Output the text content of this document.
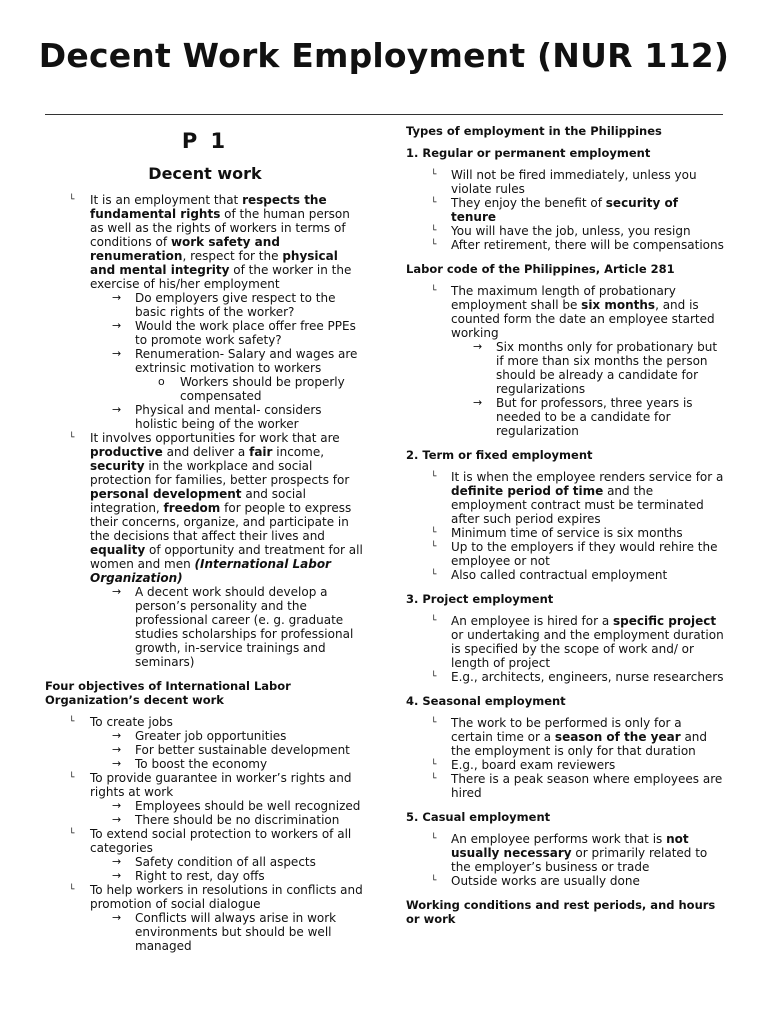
Decent Work Employment (NUR 112)
P 1
Decent work
└ It is an employment that respects the fundamental rights of the human person as well as the rights of workers in terms of conditions of work safety and renumeration, respect for the physical and mental integrity of the worker in the exercise of his/her employment
→ Do employers give respect to the basic rights of the worker?
→ Would the work place offer free PPEs to promote work safety?
→ Renumeration- Salary and wages are extrinsic motivation to workers
o Workers should be properly compensated
→ Physical and mental- considers holistic being of the worker
└ It involves opportunities for work that are productive and deliver a fair income, security in the workplace and social protection for families, better prospects for personal development and social integration, freedom for people to express their concerns, organize, and participate in the decisions that affect their lives and equality of opportunity and treatment for all women and men (International Labor Organization)
→ A decent work should develop a person’s personality and the professional career (e. g. graduate studies scholarships for professional growth, in-service trainings and seminars)
Four objectives of International Labor Organization’s decent work
└ To create jobs
→ Greater job opportunities
→ For better sustainable development
→ To boost the economy
└ To provide guarantee in worker’s rights and rights at work
→ Employees should be well recognized
→ There should be no discrimination
└ To extend social protection to workers of all categories
→ Safety condition of all aspects
→ Right to rest, day offs
└ To help workers in resolutions in conflicts and promotion of social dialogue
→ Conflicts will always arise in work environments but should be well managed
Types of employment in the Philippines
1. Regular or permanent employment
└ Will not be fired immediately, unless you violate rules
└ They enjoy the benefit of security of tenure
└ You will have the job, unless, you resign
└ After retirement, there will be compensations
Labor code of the Philippines, Article 281
└ The maximum length of probationary employment shall be six months, and is counted form the date an employee started working
→ Six months only for probationary but if more than six months the person should be already a candidate for regularizations
→ But for professors, three years is needed to be a candidate for regularization
2. Term or fixed employment
└ It is when the employee renders service for a definite period of time and the employment contract must be terminated after such period expires
└ Minimum time of service is six months
└ Up to the employers if they would rehire the employee or not
└ Also called contractual employment
3. Project employment
└ An employee is hired for a specific project or undertaking and the employment duration is specified by the scope of work and/ or length of project
└ E.g., architects, engineers, nurse researchers
4. Seasonal employment
└ The work to be performed is only for a certain time or a season of the year and the employment is only for that duration
└ E.g., board exam reviewers
└ There is a peak season where employees are hired
5. Casual employment
└ An employee performs work that is not usually necessary or primarily related to the employer’s business or trade
└ Outside works are usually done
Working conditions and rest periods, and hours or work
